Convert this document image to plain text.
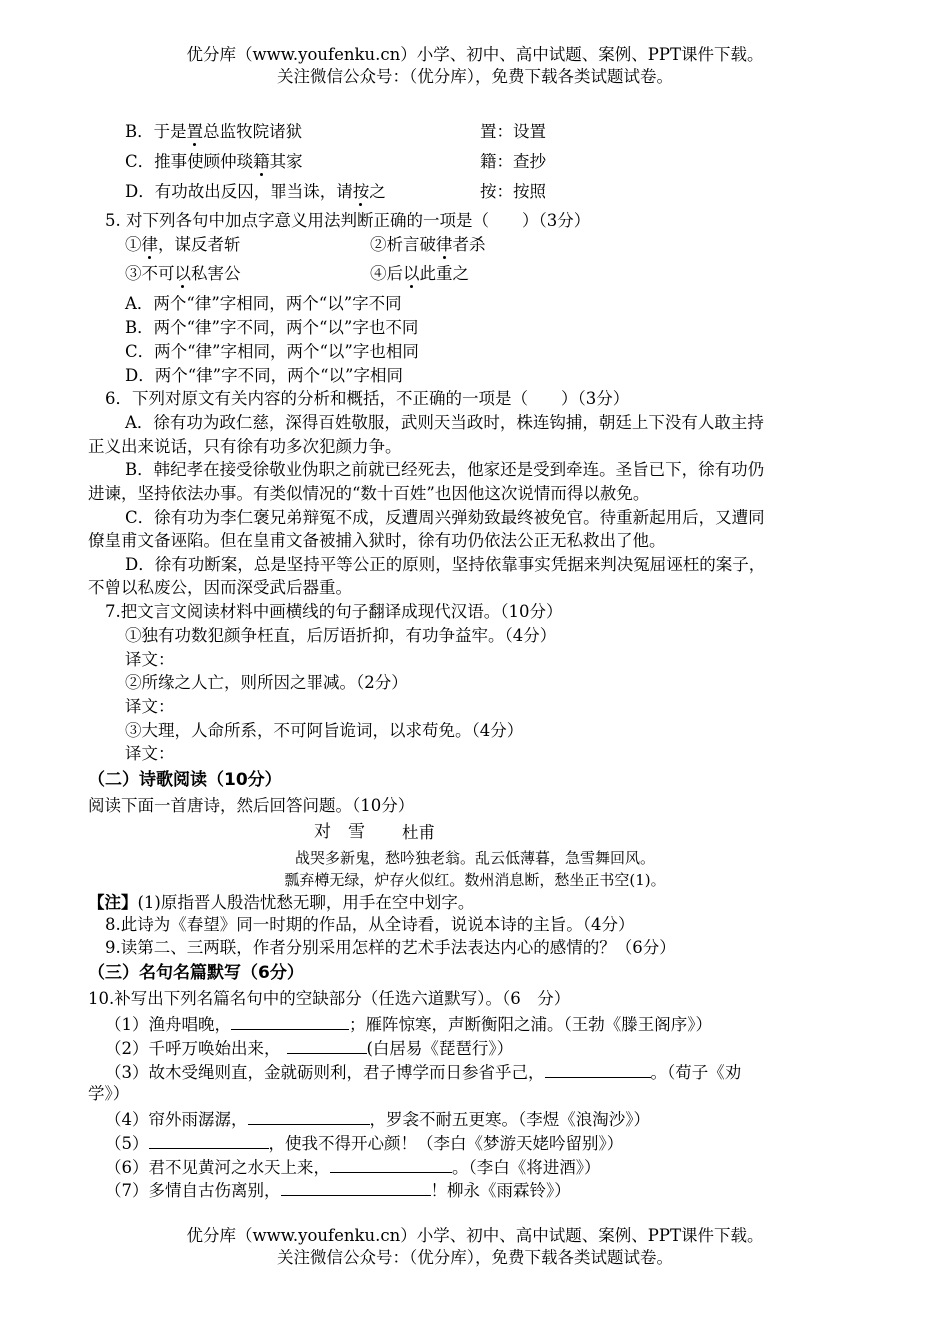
优分库（www.youfenku.cn）小学、初中、高中试题、案例、PPT课件下载。
关注微信公众号：（优分库），免费下载各类试题试卷。
B．于是置总监牧院诸狱	置：设置
C．推事使顾仲琰籍其家	籍：查抄
D．有功故出反囚，罪当诛，请按之	按：按照
5. 对下列各句中加点字意义用法判断正确的一项是（　　）（3分）
①律，谋反者斩	②析言破律者杀
③不可以私害公	④后以此重之
A．两个“律”字相同，两个“以”字不同
B．两个“律”字不同，两个“以”字也不同
C．两个“律”字相同，两个“以”字也相同
D．两个“律”字不同，两个“以”字相同
6．下列对原文有关内容的分析和概括，不正确的一项是（　　）（3分）
A．徐有功为政仁慈，深得百姓敬服，武则天当政时，株连钩捕，朝廷上下没有人敢主持
正义出来说话，只有徐有功多次犯颜力争。
B．韩纪孝在接受徐敬业伪职之前就已经死去，他家还是受到牵连。圣旨已下，徐有功仍
进谏，坚持依法办事。有类似情况的“数十百姓”也因他这次说情而得以赦免。
C．徐有功为李仁褒兄弟辩冤不成，反遭周兴弹劾致最终被免官。待重新起用后，又遭同
僚皇甫文备诬陷。但在皇甫文备被捕入狱时，徐有功仍依法公正无私救出了他。
D．徐有功断案，总是坚持平等公正的原则，坚持依靠事实凭据来判决冤屈诬枉的案子，
不曾以私废公，因而深受武后器重。
7.把文言文阅读材料中画横线的句子翻译成现代汉语。（10分）
①独有功数犯颜争枉直，后厉语折抑，有功争益牢。（4分）
译文：
②所缘之人亡，则所因之罪减。（2分）
译文：
③大理，人命所系，不可阿旨诡词，以求苟免。（4分）
译文：
（二）诗歌阅读（10分）
阅读下面一首唐诗，然后回答问题。（10分）
对　雪 杜甫
战哭多新鬼，愁吟独老翁。乱云低薄暮，急雪舞回风。
瓢弃樽无绿，炉存火似红。数州消息断，愁坐正书空(1)。
【注】(1)原指晋人殷浩忧愁无聊，用手在空中划字。
8.此诗为《春望》同一时期的作品，从全诗看，说说本诗的主旨。（4分）
9.读第二、三两联，作者分别采用怎样的艺术手法表达内心的感情的？（6分）
（三）名句名篇默写（6分）
10.补写出下列名篇名句中的空缺部分（任选六道默写）。（6　分）
（1）渔舟唱晚，	；雁阵惊寒，声断衡阳之浦。（王勃《滕王阁序》）
（2）千呼万唤始出来，	(白居易《琵琶行》）
（3）故木受绳则直，金就砺则利，君子博学而日参省乎己，	。（荀子《劝
学》）
（4）帘外雨潺潺，	，罗衾不耐五更寒。（李煜《浪淘沙》）
（5）	，使我不得开心颜！（李白《梦游天姥吟留别》）
（6）君不见黄河之水天上来，	。（李白《将进酒》）
（7）多情自古伤离别，	！柳永《雨霖铃》）
优分库（www.youfenku.cn）小学、初中、高中试题、案例、PPT课件下载。
关注微信公众号：（优分库），免费下载各类试题试卷。
